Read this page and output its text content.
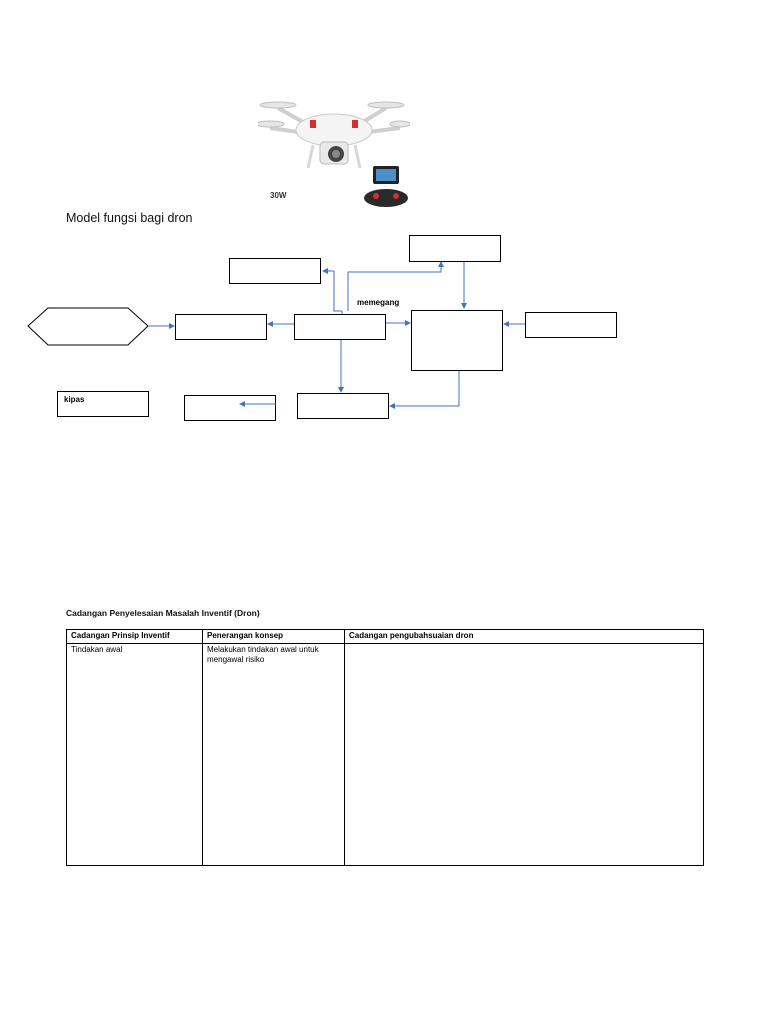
30W
Model fungsi bagi dron
kipas
memegang
Cadangan Penyelesaian Masalah Inventif (Dron)
Cadangan Prinsip Inventif	Penerangan konsep	Cadangan pengubahsuaian dron
Tindakan awal	Melakukan tindakan awal untuk mengawal risiko	
